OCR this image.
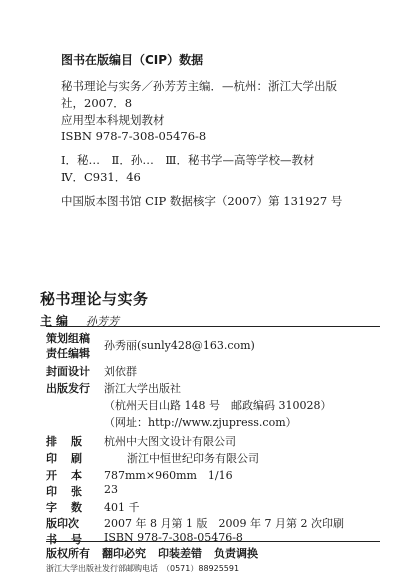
图书在版编目（CIP）数据
秘书理论与实务／孙芳芳主编．—杭州：浙江大学出版
社，2007．8
应用型本科规划教材
ISBN 978-7-308-05476-8
Ⅰ．秘…　Ⅱ．孙…　Ⅲ．秘书学—高等学校—教材
Ⅳ．C931．46
中国版本图书馆 CIP 数据核字（2007）第 131927 号
秘书理论与实务
主编 孙芳芳
策划组稿
责任编辑
孙秀丽(sunly428@163.com)
封面设计 刘依群
出版发行 浙江大学出版社
（杭州天目山路 148 号　邮政编码 310028）
（网址：http://www.zjupress.com）
排版 杭州中大图文设计有限公司
印刷	浙江中恒世纪印务有限公司
开本 787mm×960mm　1/16
印张 23
字数 401 千
版印次 2007 年 8 月第 1 版　2009 年 7 月第 2 次印刷
书号 ISBN 978-7-308-05476-8
版权所有 翻印必究 印装差错 负责调换
浙江大学出版社发行部邮购电话　（0571）88925591
